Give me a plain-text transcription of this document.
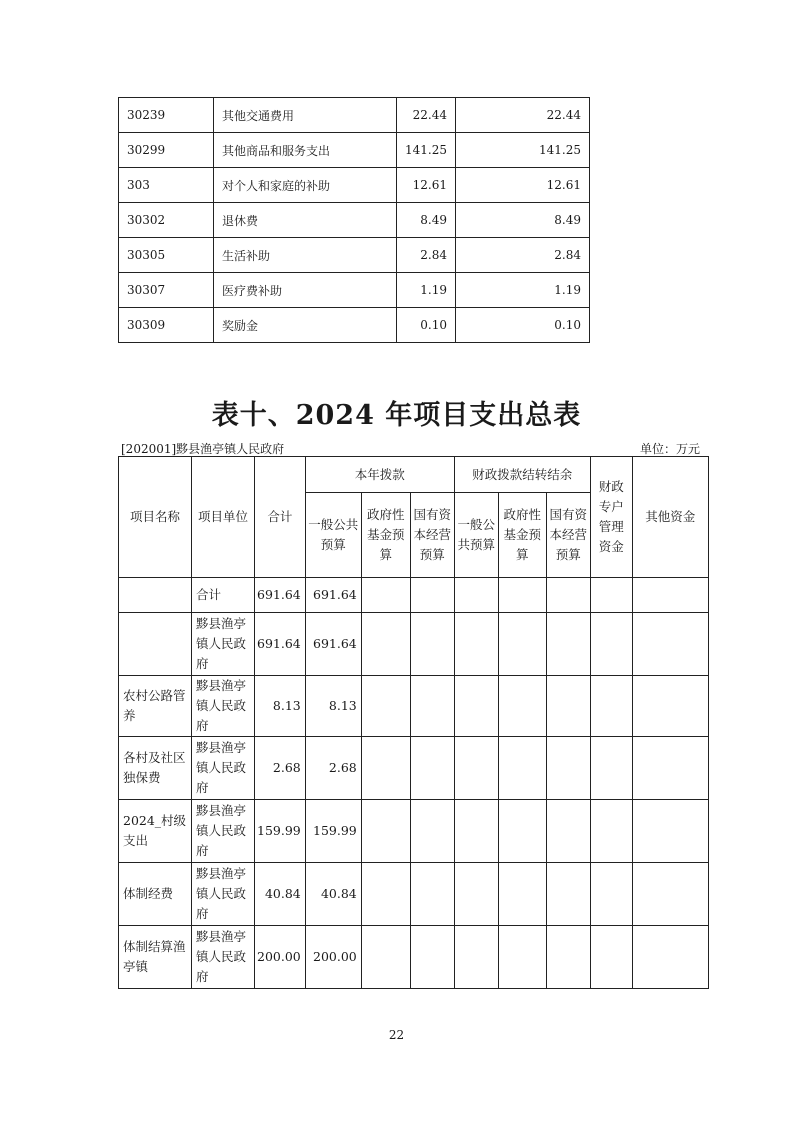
30239	其他交通费用	22.44	22.44
30299	其他商品和服务支出	141.25	141.25
303	对个人和家庭的补助	12.61	12.61
30302	退休费	8.49	8.49
30305	生活补助	2.84	2.84
30307	医疗费补助	1.19	1.19
30309	奖励金	0.10	0.10
表十、2024 年项目支出总表
[202001]黟县渔亭镇人民政府	单位：万元
项目名称	项目单位	合计	本年拨款			财政拨款结转结余			财政专户管理资金	其他资金
			一般公共预算	政府性基金预算	国有资本经营预算	一般公共预算	政府性基金预算	国有资本经营预算		
	合计	691.64	691.64							
	黟县渔亭镇人民政府	691.64	691.64							
农村公路管养	黟县渔亭镇人民政府	8.13	8.13							
各村及社区独保费	黟县渔亭镇人民政府	2.68	2.68							
2024_村级支出	黟县渔亭镇人民政府	159.99	159.99							
体制经费	黟县渔亭镇人民政府	40.84	40.84							
体制结算渔亭镇	黟县渔亭镇人民政府	200.00	200.00							
22
